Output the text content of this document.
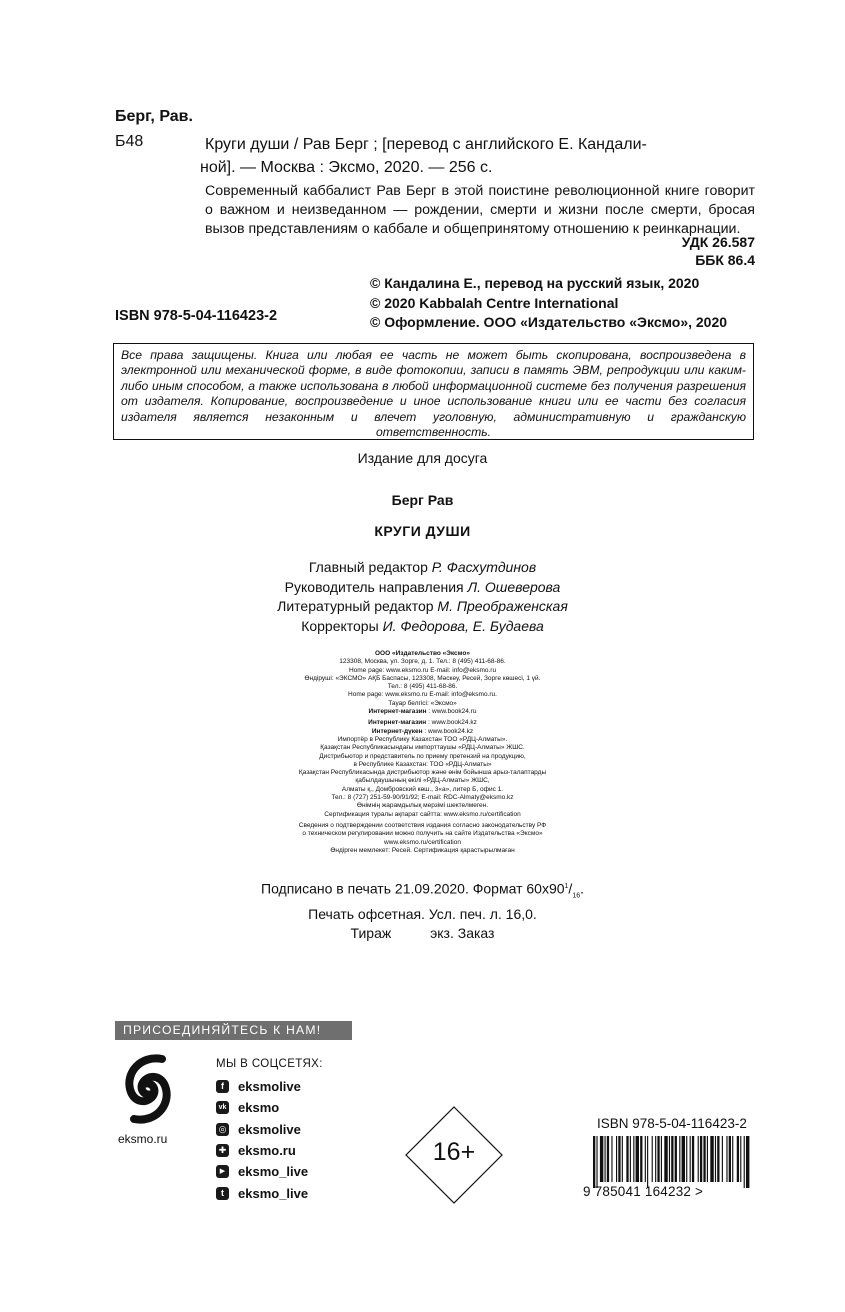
Берг, Рав.
Б48	Круги души / Рав Берг ; [перевод с английского Е. Кандали-

ной]. — Москва : Эксмо, 2020. — 256 с.
Современный каббалист Рав Берг в этой поистине революционной книге говорит о важном и неизведанном — рождении, смерти и жизни после смерти, бросая вызов представлениям о каббале и общепринятому отношению к реинкарнации.
УДК 26.587
ББК 86.4
© Кандалина Е., перевод на русский язык, 2020
© 2020 Kabbalah Centre International
© Оформление. ООО «Издательство «Эксмо», 2020
ISBN 978-5-04-116423-2
Все права защищены. Книга или любая ее часть не может быть скопирована, воспроизведена в электронной или механической форме, в виде фотокопии, записи в память ЭВМ, репродукции или каким-либо иным способом, а также использована в любой информационной системе без получения разрешения от издателя. Копирование, воспроизведение и иное использование книги или ее части без согласия издателя является незаконным и влечет уголовную, административную и гражданскую ответственность.
Издание для досуга
Берг Рав
КРУГИ ДУШИ
Главный редактор Р. Фасхутдинов
Руководитель направления Л. Ошеверова
Литературный редактор М. Преображенская
Корректоры И. Федорова, Е. Будаева
ООО «Издательство «Эксмо»
123308, Москва, ул. Зорге, д. 1. Тел.: 8 (495) 411-68-86.
Home page: www.eksmo.ru E-mail: info@eksmo.ru
Өндіруші: «ЭКСМО» АҚБ Баспасы, 123308, Мәскеу, Ресей, Зорге көшесі, 1 үй.
Тел.: 8 (495) 411-68-86.
Home page: www.eksmo.ru E-mail: info@eksmo.ru.
Тауар белгісі: «Эксмо»
Интернет-магазин : www.book24.ru
Интернет-магазин : www.book24.kz
Интернет-дүкен : www.book24.kz
Импортёр в Республику Казахстан ТОО «РДЦ-Алматы».
Қазақстан Республикасындағы импорттаушы «РДЦ-Алматы» ЖШС.
Дистрибьютор и представитель по приему претензий на продукцию,
в Республике Казахстан: ТОО «РДЦ-Алматы»
Қазақстан Республикасында дистрибьютор және өнім бойынша арыз-талаптарды
қабылдаушының өкілі «РДЦ-Алматы» ЖШС,
Алматы қ., Домбровский көш., 3«а», литер Б, офис 1.
Тел.: 8 (727) 251-59-90/91/92; E-mail: RDC-Almaty@eksmo.kz
Өнімнің жарамдылық мерзімі шектелмеген.
Сертификация туралы ақпарат сайтта: www.eksmo.ru/certification
Сведения о подтверждении соответствия издания согласно законодательству РФ
о техническом регулировании можно получить на сайте Издательства «Эксмо»
www.eksmo.ru/certification
Өндірген мемлекет: Ресей. Сертификация қарастырылмаған
Подписано в печать 21.09.2020. Формат $60x90^1/_{16}$.
Печать офсетная. Усл. печ. л. 16,0.
Тираж          экз. Заказ
ПРИСОЕДИНЯЙТЕСЬ К НАМ!
eksmo.ru
МЫ В СОЦСЕТЯХ:
f	eksmolive
vk eksmo
◎ eksmolive
✚ eksmo.ru
▶ eksmo_live
t	eksmo_live
16+
ISBN 978-5-04-116423-2
9 785041 164232 >
